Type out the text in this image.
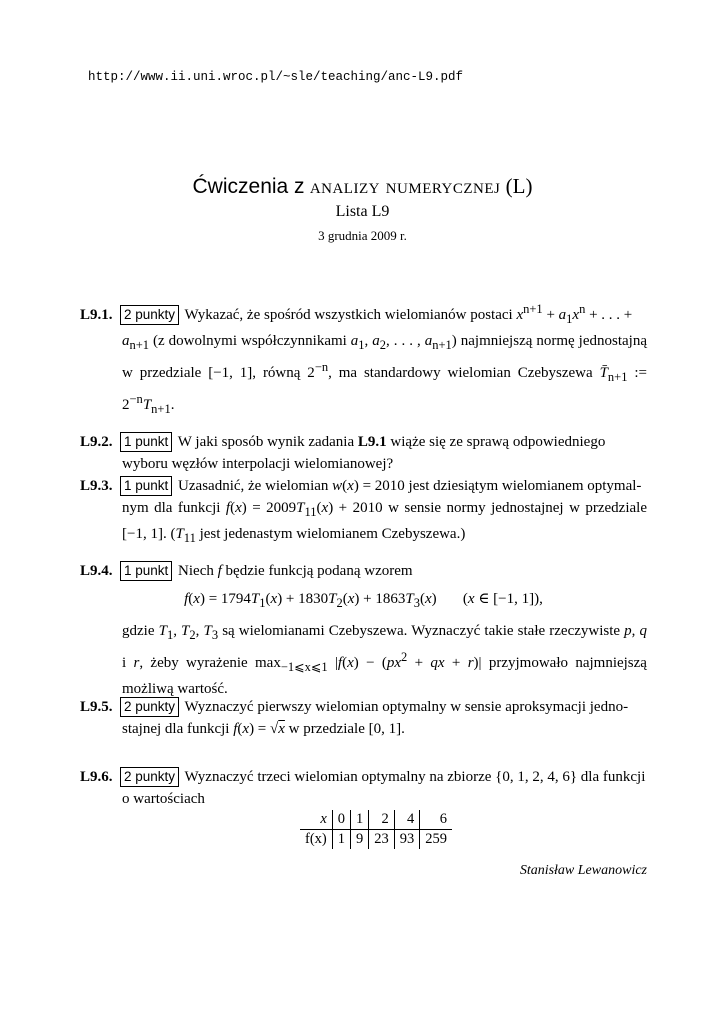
http://www.ii.uni.wroc.pl/~sle/teaching/anc-L9.pdf
Ćwiczenia z analizy numerycznej (L)
Lista L9
3 grudnia 2009 r.
L9.1. 2 punkty Wykazać, że spośród wszystkich wielomianów postaci $x^{n+1} + a_1x^n$ + . . . +
$a_{n+1}$ (z dowolnymi współczynnikami $a_1$, $a_2$, . . . , $a_{n+1}$) najmniejszą normę jednostajną w przedziale [−1, 1], równą $2^{-n}$, ma standardowy wielomian Czebyszewa $T̄_{n+1}$ := $2^{-n}T_{n+1}$.
L9.2. 1 punkt W jaki sposób wynik zadania L9.1 wiąże się ze sprawą odpowiedniego
wyboru węzłów interpolacji wielomianowej?
L9.3. 1 punkt Uzasadnić, że wielomian w(x) = 2010 jest dziesiątym wielomianem optymal-
nym dla funkcji $f(x) = 2009T_{11}(x) + 2010$ w sensie normy jednostajnej w przedziale [−1, 1]. ($T_{11}$ jest jedenastym wielomianem Czebyszewa.)
L9.4. 1 punkt Niech f będzie funkcją podaną wzorem
$f(x) = 1794T_1(x) + 1830T_2(x) + 1863T_3(x)$       (x ∈ [−1, 1]),
gdzie $T_1$, $T_2$, $T_3$ są wielomianami Czebyszewa. Wyznaczyć takie stałe rzeczywiste p, q i r, żeby wyrażenie $\max_{-1⩽x⩽1} |f(x) - (px^2$ + qx + r)| przyjmowało najmniejszą możliwą wartość.
L9.5. 2 punkty Wyznaczyć pierwszy wielomian optymalny w sensie aproksymacji jedno-
stajnej dla funkcji f(x) = √x w przedziale [0, 1].
L9.6. 2 punkty Wyznaczyć trzeci wielomian optymalny na zbiorze {0, 1, 2, 4, 6} dla funkcji
o wartościach
x	0	1	2	4	6
f(x)	1	9	23	93	259
Stanisław Lewanowicz
